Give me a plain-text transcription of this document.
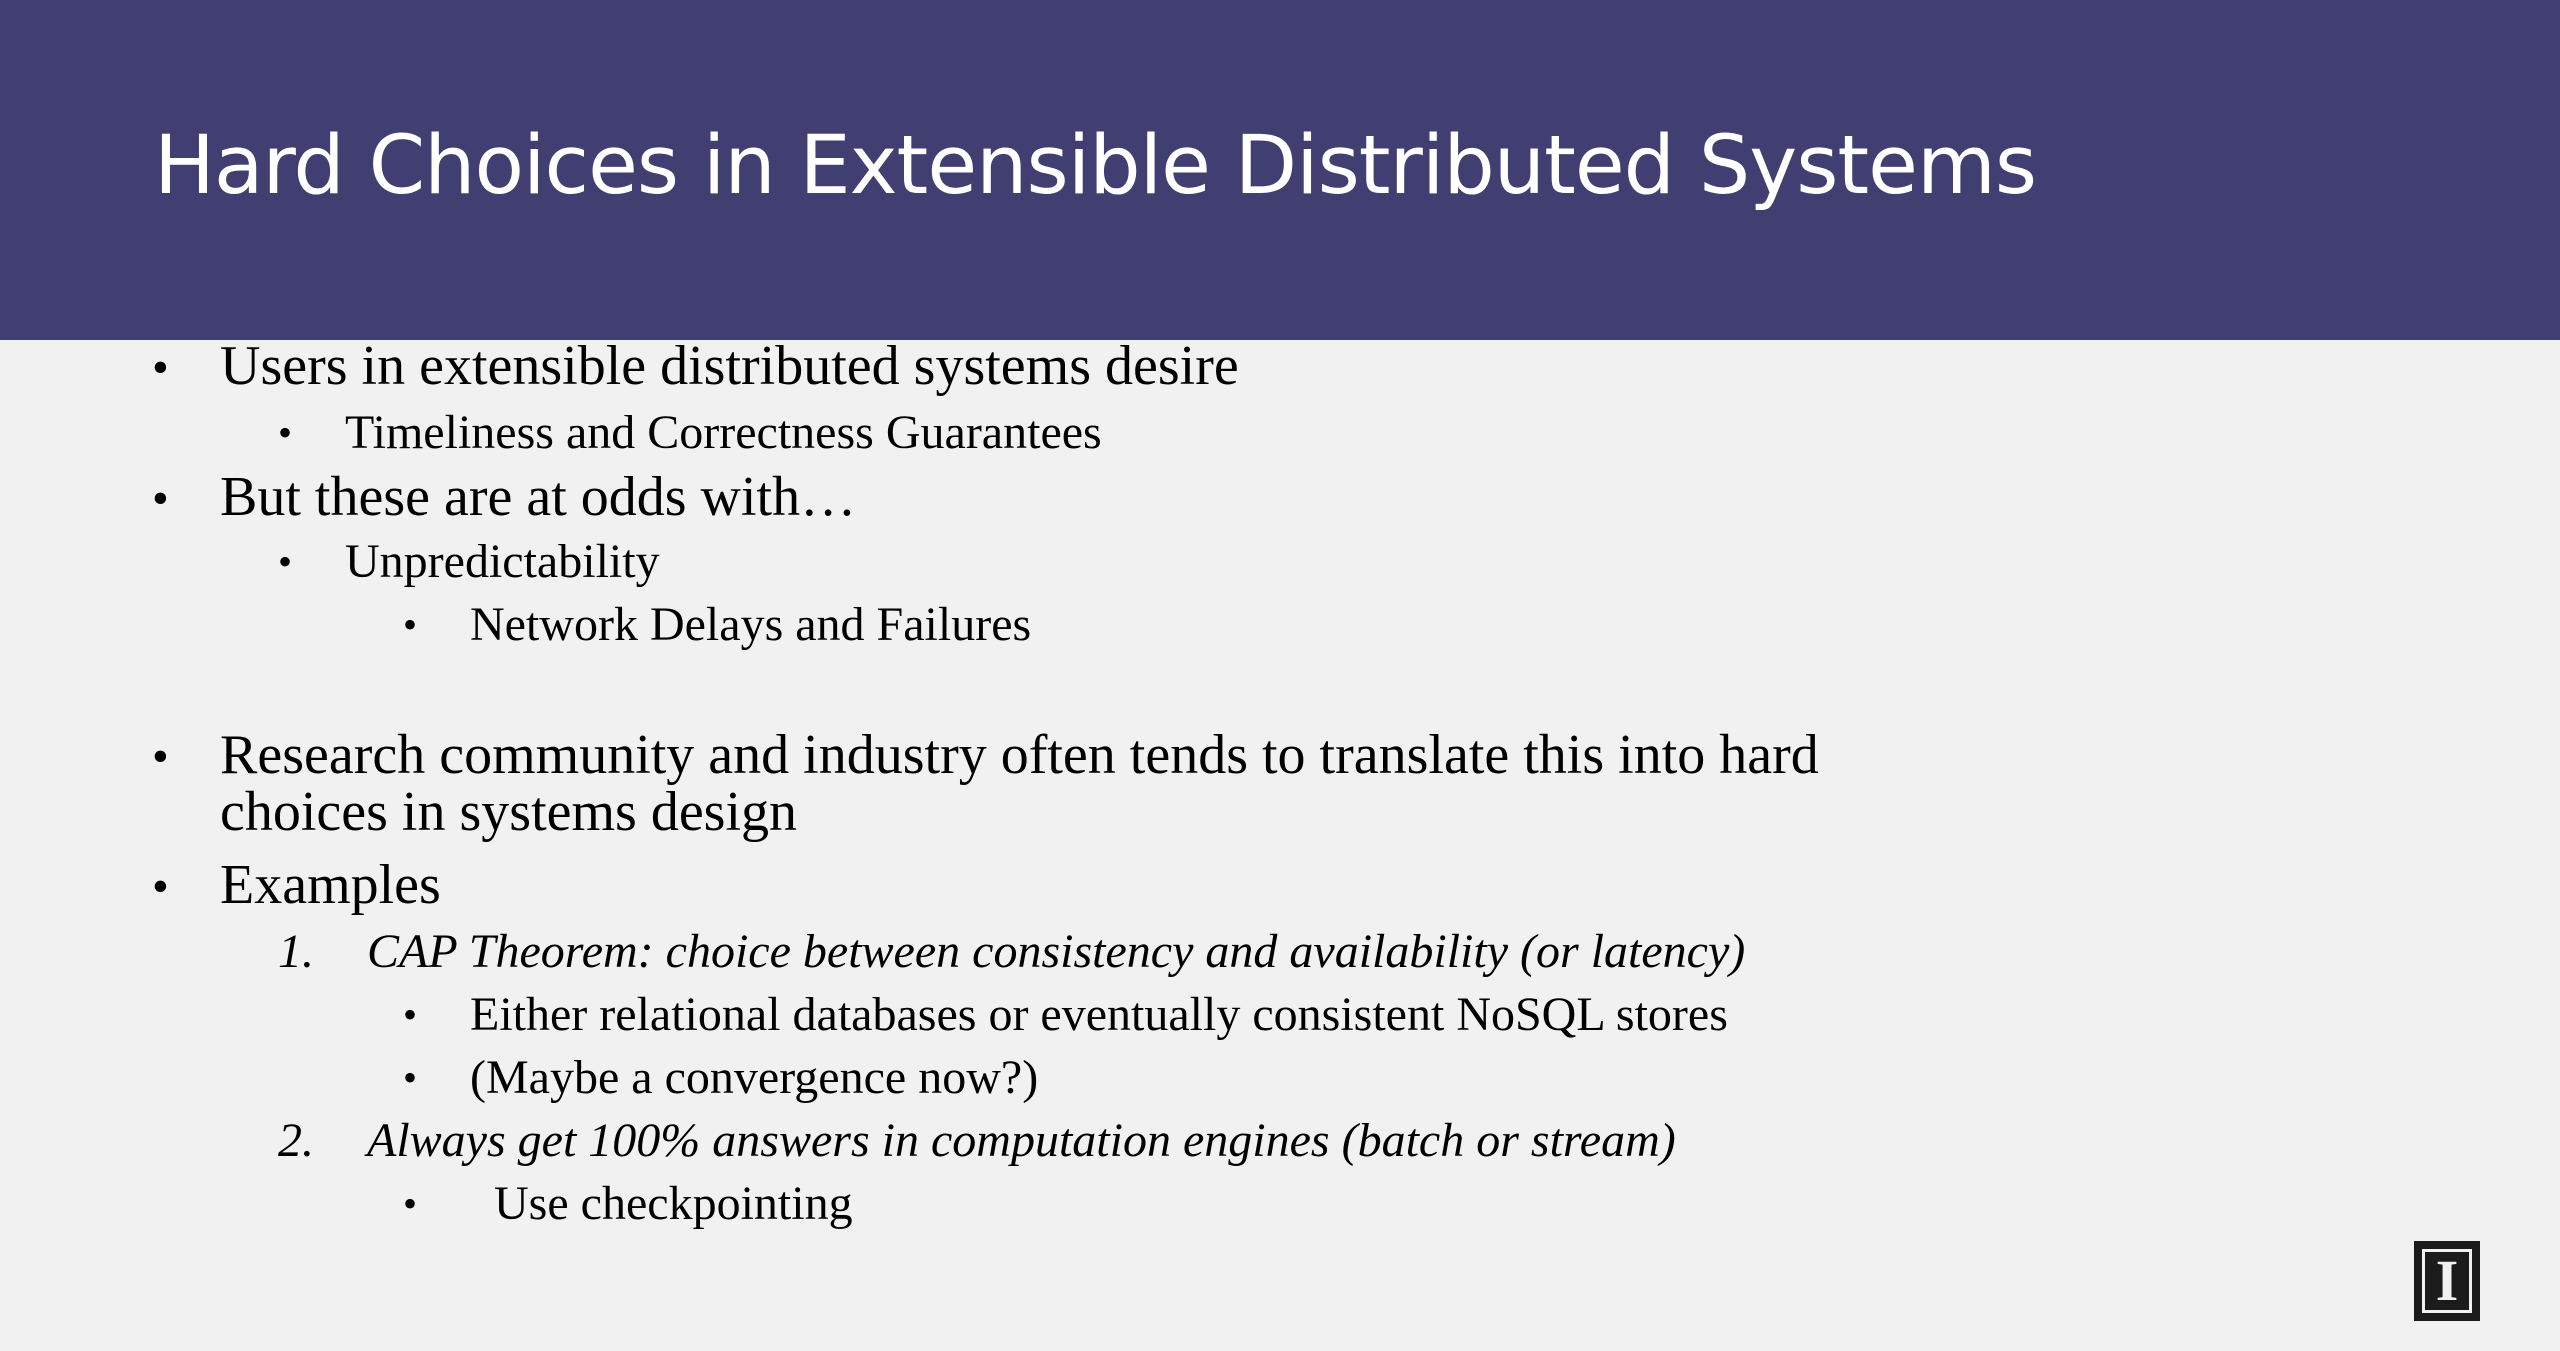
Hard Choices in Extensible Distributed Systems
• Users in extensible distributed systems desire
• Timeliness and Correctness Guarantees
• But these are at odds with…
• Unpredictability
• Network Delays and Failures
• Research community and industry often tends to translate this into hard
choices in systems design
• Examples
1. CAP Theorem: choice between consistency and availability (or latency)
• Either relational databases or eventually consistent NoSQL stores
• (Maybe a convergence now?)
2. Always get 100% answers in computation engines (batch or stream)
• Use checkpointing
I
